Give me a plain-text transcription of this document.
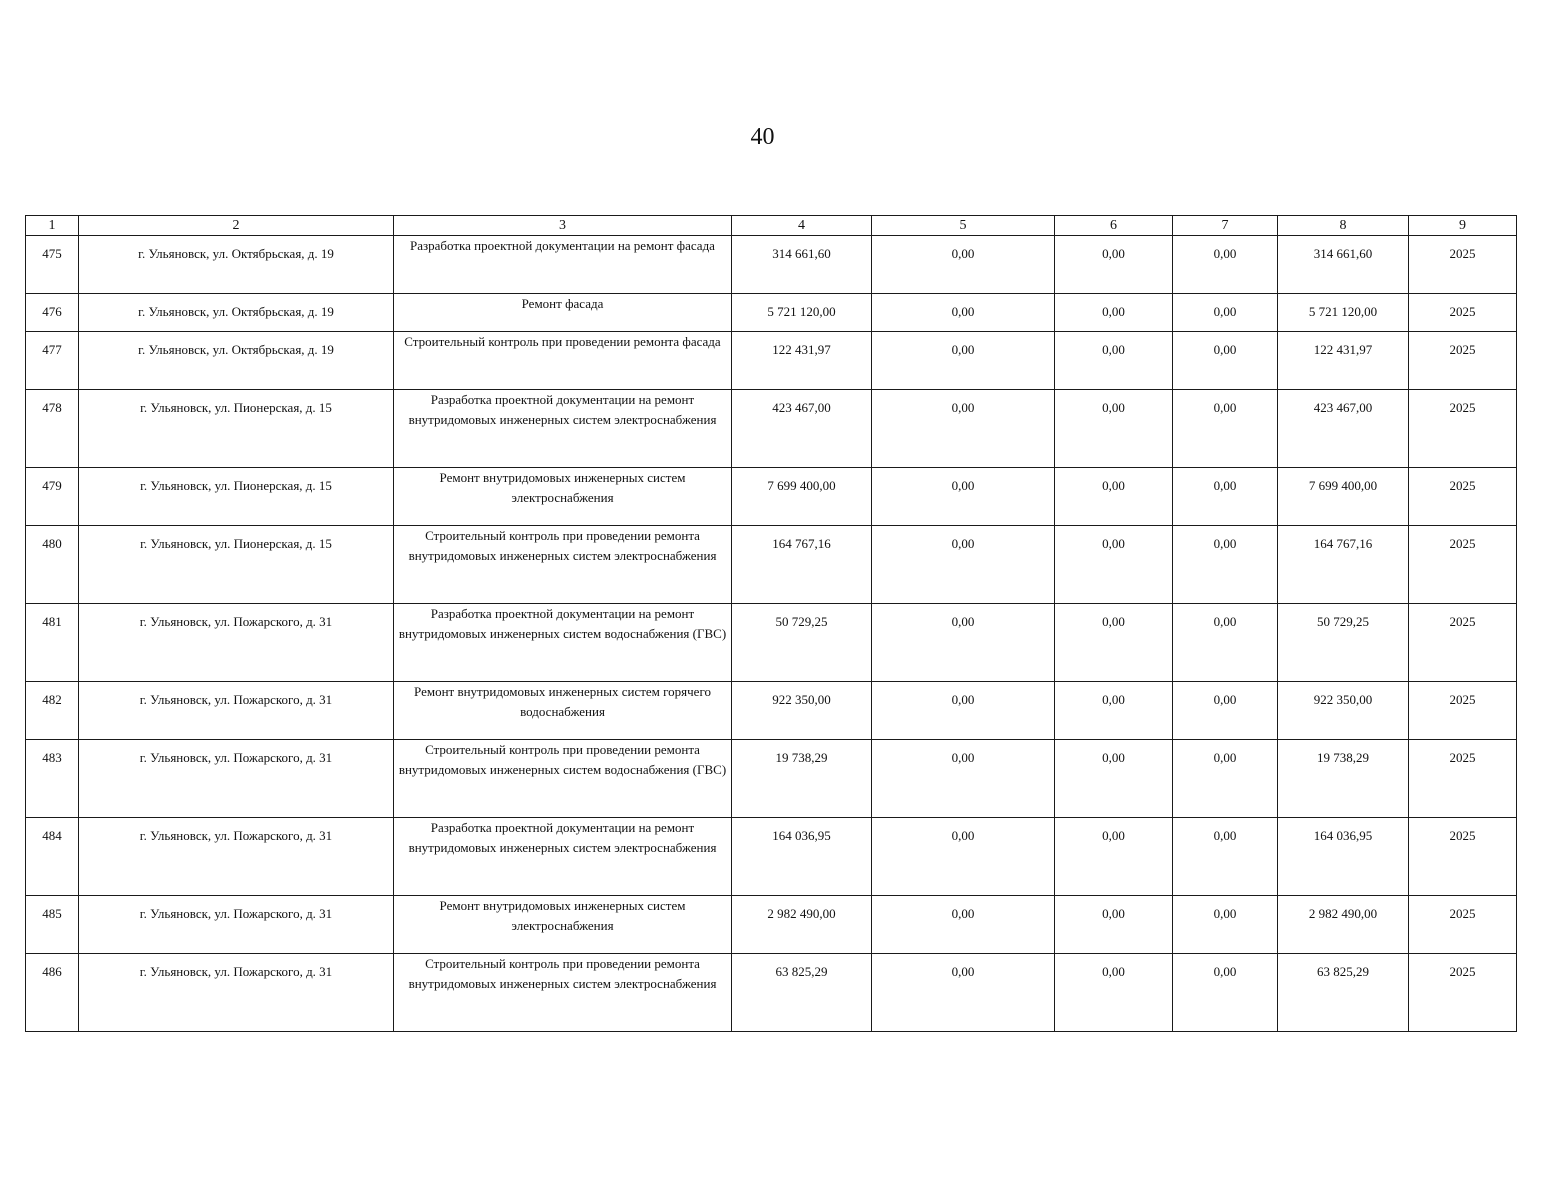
40
1	2	3	4	5	6	7	8	9
475	г. Ульяновск, ул. Октябрьская, д. 19	Разработка проектной документации на ремонт фасада	314 661,60	0,00	0,00	0,00	314 661,60	2025
476	г. Ульяновск, ул. Октябрьская, д. 19	Ремонт фасада	5 721 120,00	0,00	0,00	0,00	5 721 120,00	2025
477	г. Ульяновск, ул. Октябрьская, д. 19	Строительный контроль при проведении ремонта фасада	122 431,97	0,00	0,00	0,00	122 431,97	2025
478	г. Ульяновск, ул. Пионерская, д. 15	Разработка проектной документации на ремонт внутридомовых инженерных систем электроснабжения	423 467,00	0,00	0,00	0,00	423 467,00	2025
479	г. Ульяновск, ул. Пионерская, д. 15	Ремонт внутридомовых инженерных систем электроснабжения	7 699 400,00	0,00	0,00	0,00	7 699 400,00	2025
480	г. Ульяновск, ул. Пионерская, д. 15	Строительный контроль при проведении ремонта внутридомовых инженерных систем электроснабжения	164 767,16	0,00	0,00	0,00	164 767,16	2025
481	г. Ульяновск, ул. Пожарского, д. 31	Разработка проектной документации на ремонт внутридомовых инженерных систем водоснабжения (ГВС)	50 729,25	0,00	0,00	0,00	50 729,25	2025
482	г. Ульяновск, ул. Пожарского, д. 31	Ремонт внутридомовых инженерных систем горячего водоснабжения	922 350,00	0,00	0,00	0,00	922 350,00	2025
483	г. Ульяновск, ул. Пожарского, д. 31	Строительный контроль при проведении ремонта внутридомовых инженерных систем водоснабжения (ГВС)	19 738,29	0,00	0,00	0,00	19 738,29	2025
484	г. Ульяновск, ул. Пожарского, д. 31	Разработка проектной документации на ремонт внутридомовых инженерных систем электроснабжения	164 036,95	0,00	0,00	0,00	164 036,95	2025
485	г. Ульяновск, ул. Пожарского, д. 31	Ремонт внутридомовых инженерных систем электроснабжения	2 982 490,00	0,00	0,00	0,00	2 982 490,00	2025
486	г. Ульяновск, ул. Пожарского, д. 31	Строительный контроль при проведении ремонта внутридомовых инженерных систем электроснабжения	63 825,29	0,00	0,00	0,00	63 825,29	2025
